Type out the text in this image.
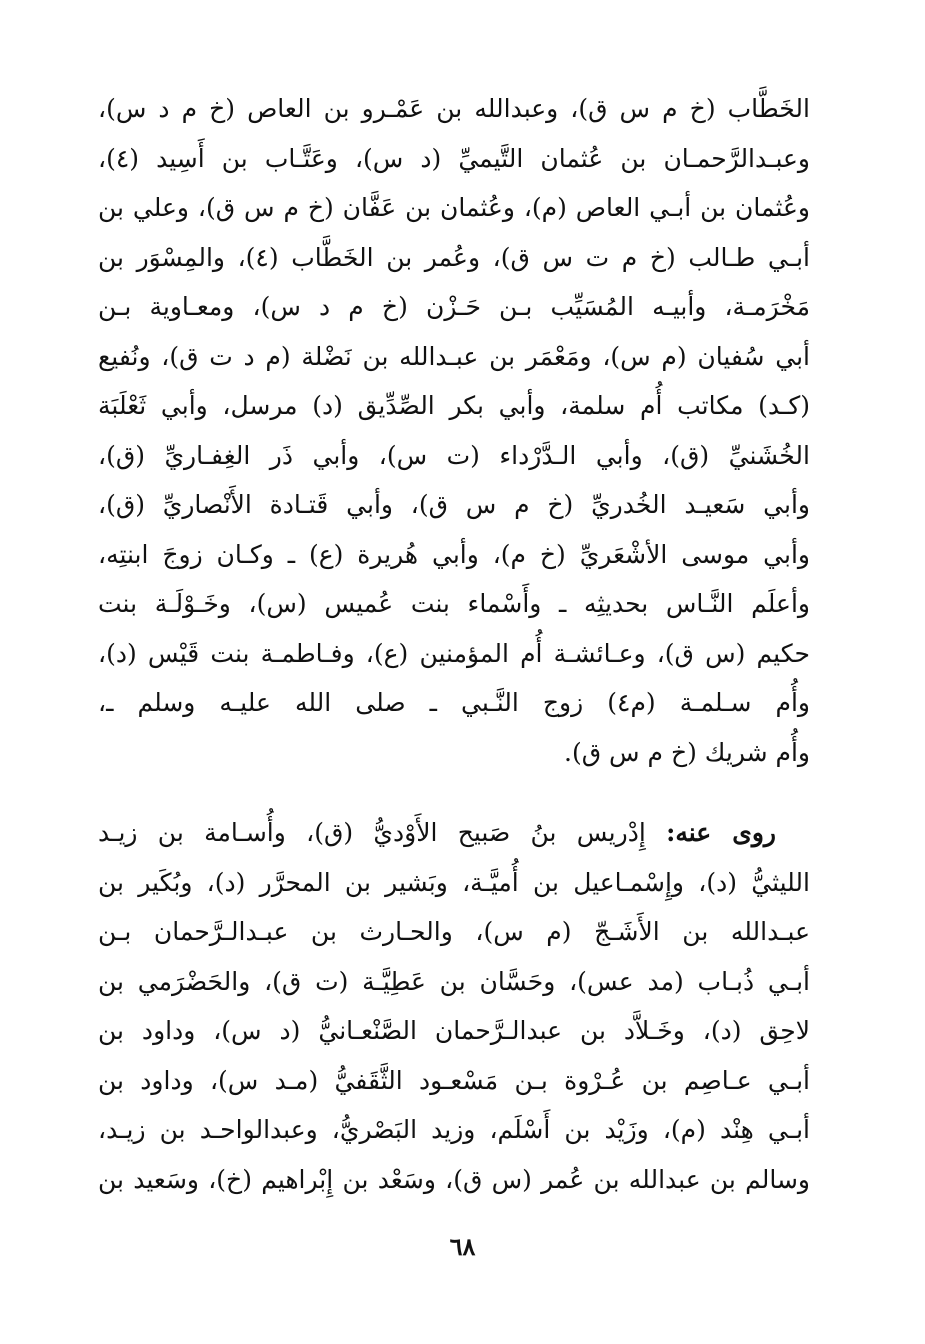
الخَطَّاب (خ م س ق)، وعبدالله بن عَمْـرو بن العاص (خ م د س)،
وعبـدالرَّحمـان بن عُثمان التَّيميِّ (د س)، وعَتَّـاب بن أَسِيد (٤)،
وعُثمان بن أبـي العاص (م)، وعُثمان بن عَفَّان (خ م س ق)، وعلي بن
أبـي طـالب (خ م ت س ق)، وعُمر بن الخَطَّاب (٤)، والمِسْوَر بن
مَخْرَمـة، وأبيـه المُسَيِّب بـن حَـزْن (خ م د س)، ومعـاوية بـن
أبي سُفيان (م س)، ومَعْمَر بن عبـدالله بن نَضْلة (م د ت ق)، ونُفيع
(كـد) مكاتب أُم سلمة، وأبي بكر الصِّدِّيق (د) مرسل، وأبي ثَعْلَبَة
الخُشَنيِّ (ق)، وأبي الـدَّرْداء (ت س)، وأبي ذَر الغِفـاريِّ (ق)،
وأبي سَعيـد الخُدريِّ (خ م س ق)، وأبي قَتـادة الأَنْصاريِّ (ق)،
وأبي موسى الأشْعَريِّ (خ م)، وأبي هُريرة (ع) ـ وكـان زوجَ ابنتِه،
وأعلَم النَّـاس بحديثِه ـ وأَسْماء بنت عُميس (س)، وخَـوْلَـة بنت
حكيم (س ق)، وعـائشـة أُم المؤمنين (ع)، وفـاطمـة بنت قَيْس (د)،
وأُم سـلمـة (م٤) زوج النَّـبي ـ صلى الله عليـه وسلم ـ،
وأُم شريك (خ م س ق).
روى عنه: إِدْريس بنُ صَبيح الأَوْديُّ (ق)، وأُسـامة بن زيـد
الليثيُّ (د)، وإِسْمـاعيل بن أُميَّـة، وبَشير بن المحرَّر (د)، وبُكَير بن
عبـدالله بن الأَشَـجّ (م س)، والحـارث بن عبـدالـرَّحمان بـن
أبـي ذُبـاب (مد عس)، وحَسَّان بن عَطِيَّـة (ت ق)، والحَضْرَمي بن
لاحِق (د)، وخَـلاَّد بن عبدالـرَّحمان الصَّنْعـانيُّ (د س)، وداود بن
أبـي عـاصِم بن عُـرْوة بـن مَسْعـود الثَّقَفيُّ (مـد س)، وداود بن
أبـي هِنْد (م)، وزَيْد بن أَسْلَم، وزيد البَصْريُّ، وعبدالواحـد بن زيـد،
وسالم بن عبدالله بن عُمر (س ق)، وسَعْد بن إِبْراهيم (خ)، وسَعيد بن
٦٨
